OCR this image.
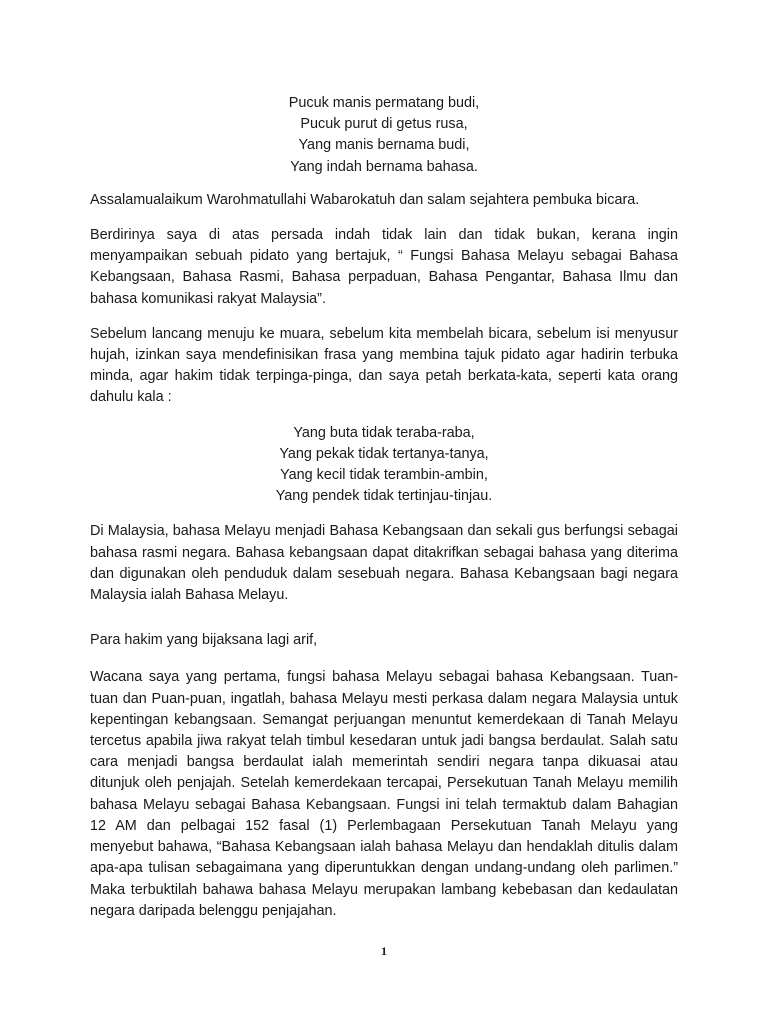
Pucuk manis permatang budi,
Pucuk purut di getus rusa,
Yang manis bernama budi,
Yang indah bernama bahasa.

Assalamualaikum Warohmatullahi Wabarokatuh dan salam sejahtera pembuka bicara.

Berdirinya saya di atas persada indah tidak lain dan tidak bukan, kerana ingin menyampaikan sebuah pidato yang bertajuk, “ Fungsi Bahasa Melayu sebagai Bahasa Kebangsaan, Bahasa Rasmi, Bahasa perpaduan, Bahasa Pengantar, Bahasa Ilmu dan bahasa komunikasi rakyat Malaysia”.

Sebelum lancang menuju ke muara, sebelum kita membelah bicara, sebelum isi menyusur hujah, izinkan saya mendefinisikan frasa yang membina tajuk pidato agar hadirin terbuka minda, agar hakim tidak terpinga-pinga, dan saya petah berkata-kata, seperti kata orang dahulu kala :

Yang buta tidak teraba-raba,
Yang pekak tidak tertanya-tanya,
Yang kecil tidak terambin-ambin,
Yang pendek tidak tertinjau-tinjau.

Di Malaysia, bahasa Melayu menjadi Bahasa Kebangsaan dan sekali gus berfungsi sebagai bahasa rasmi negara. Bahasa kebangsaan dapat ditakrifkan sebagai bahasa yang diterima dan digunakan oleh penduduk dalam sesebuah negara. Bahasa Kebangsaan bagi negara Malaysia ialah Bahasa Melayu.

Para hakim yang bijaksana lagi arif,

Wacana saya yang pertama, fungsi bahasa Melayu sebagai bahasa Kebangsaan. Tuan-tuan dan Puan-puan, ingatlah, bahasa Melayu mesti perkasa dalam negara Malaysia untuk kepentingan kebangsaan. Semangat perjuangan menuntut kemerdekaan di Tanah Melayu tercetus apabila jiwa rakyat telah timbul kesedaran untuk jadi bangsa berdaulat. Salah satu cara menjadi bangsa berdaulat ialah memerintah sendiri negara tanpa dikuasai atau ditunjuk oleh penjajah. Setelah kemerdekaan tercapai, Persekutuan Tanah Melayu memilih bahasa Melayu sebagai Bahasa Kebangsaan. Fungsi ini telah termaktub dalam Bahagian 12 AM dan pelbagai 152 fasal (1) Perlembagaan Persekutuan Tanah Melayu yang menyebut bahawa, “Bahasa Kebangsaan ialah bahasa Melayu dan hendaklah ditulis dalam apa-apa tulisan sebagaimana yang diperuntukkan dengan undang-undang oleh parlimen.” Maka terbuktilah bahawa bahasa Melayu merupakan lambang kebebasan dan kedaulatan negara daripada belenggu penjajahan.

1
